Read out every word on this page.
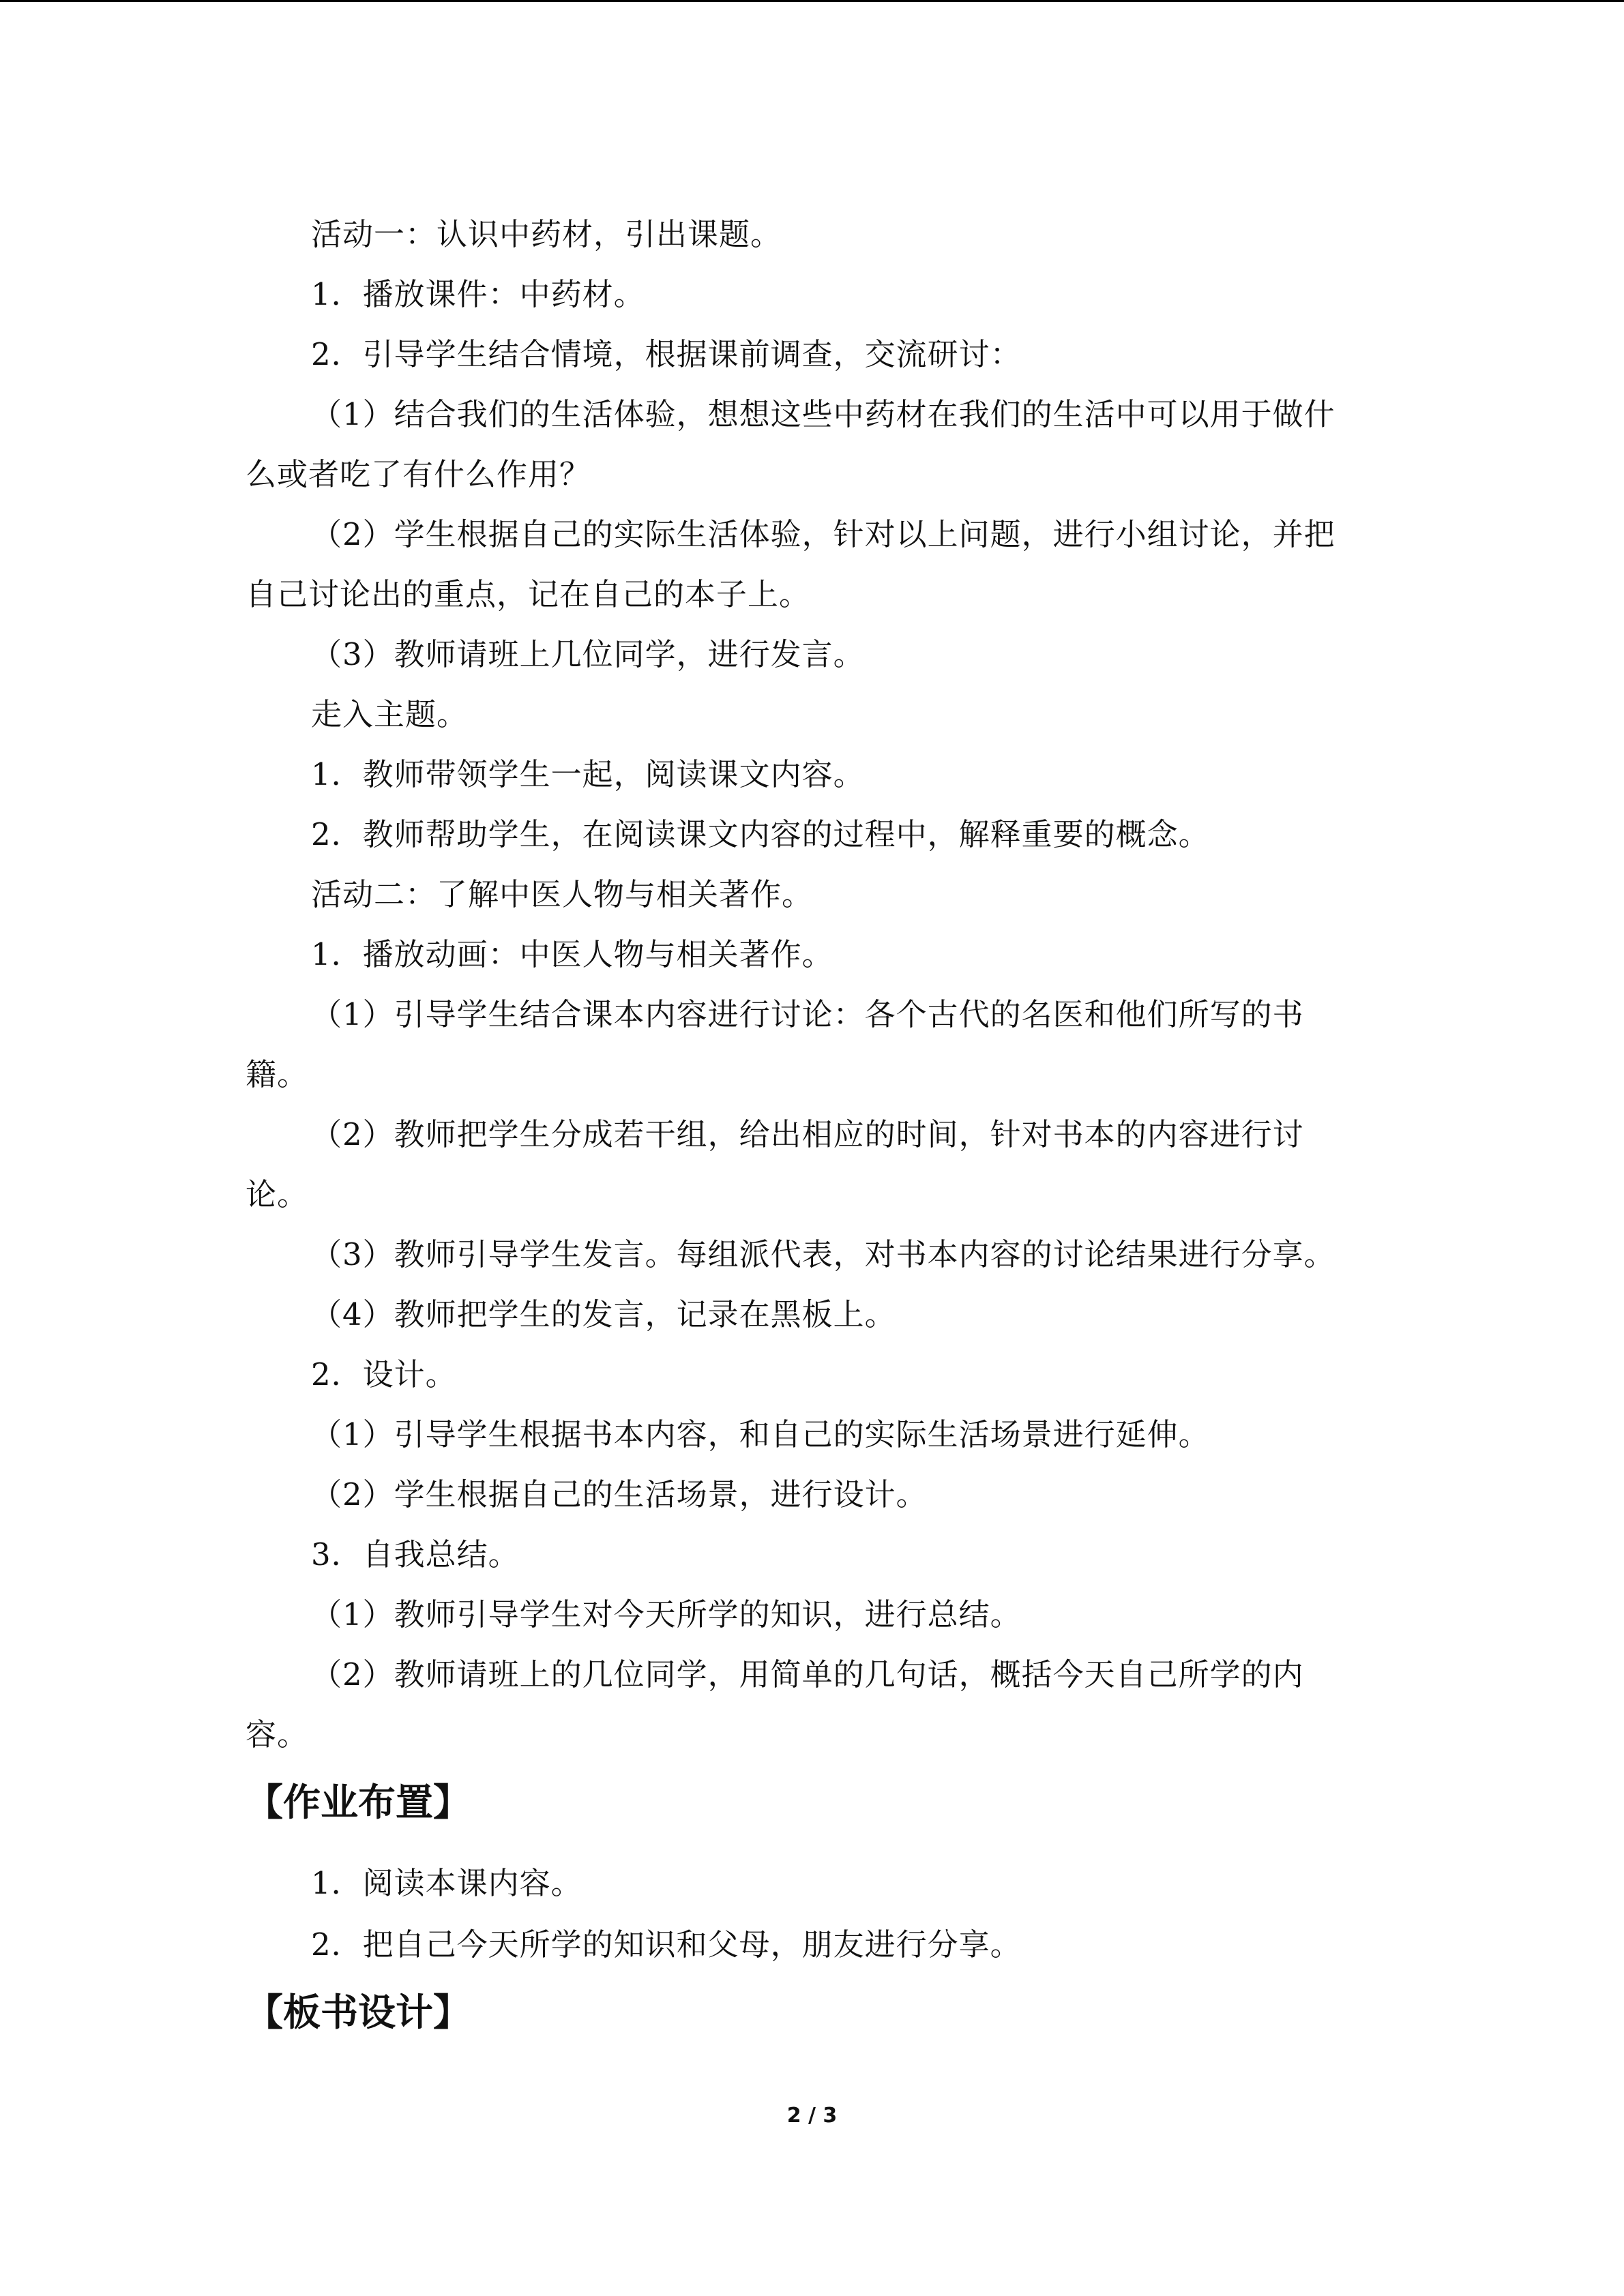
活动一：认识中药材，引出课题。
1．播放课件：中药材。
2．引导学生结合情境，根据课前调查，交流研讨：
（1）结合我们的生活体验，想想这些中药材在我们的生活中可以用于做什
么或者吃了有什么作用？
（2）学生根据自己的实际生活体验，针对以上问题，进行小组讨论，并把
自己讨论出的重点，记在自己的本子上。
（3）教师请班上几位同学，进行发言。
走入主题。
1．教师带领学生一起，阅读课文内容。
2．教师帮助学生，在阅读课文内容的过程中，解释重要的概念。
活动二：了解中医人物与相关著作。
1．播放动画：中医人物与相关著作。
（1）引导学生结合课本内容进行讨论：各个古代的名医和他们所写的书
籍。
（2）教师把学生分成若干组，给出相应的时间，针对书本的内容进行讨
论。
（3）教师引导学生发言。每组派代表，对书本内容的讨论结果进行分享。
（4）教师把学生的发言，记录在黑板上。
2．设计。
（1）引导学生根据书本内容，和自己的实际生活场景进行延伸。
（2）学生根据自己的生活场景，进行设计。
3．自我总结。
（1）教师引导学生对今天所学的知识，进行总结。
（2）教师请班上的几位同学，用简单的几句话，概括今天自己所学的内
容。
【作业布置】
1．阅读本课内容。
2．把自己今天所学的知识和父母，朋友进行分享。
【板书设计】
2 / 3
